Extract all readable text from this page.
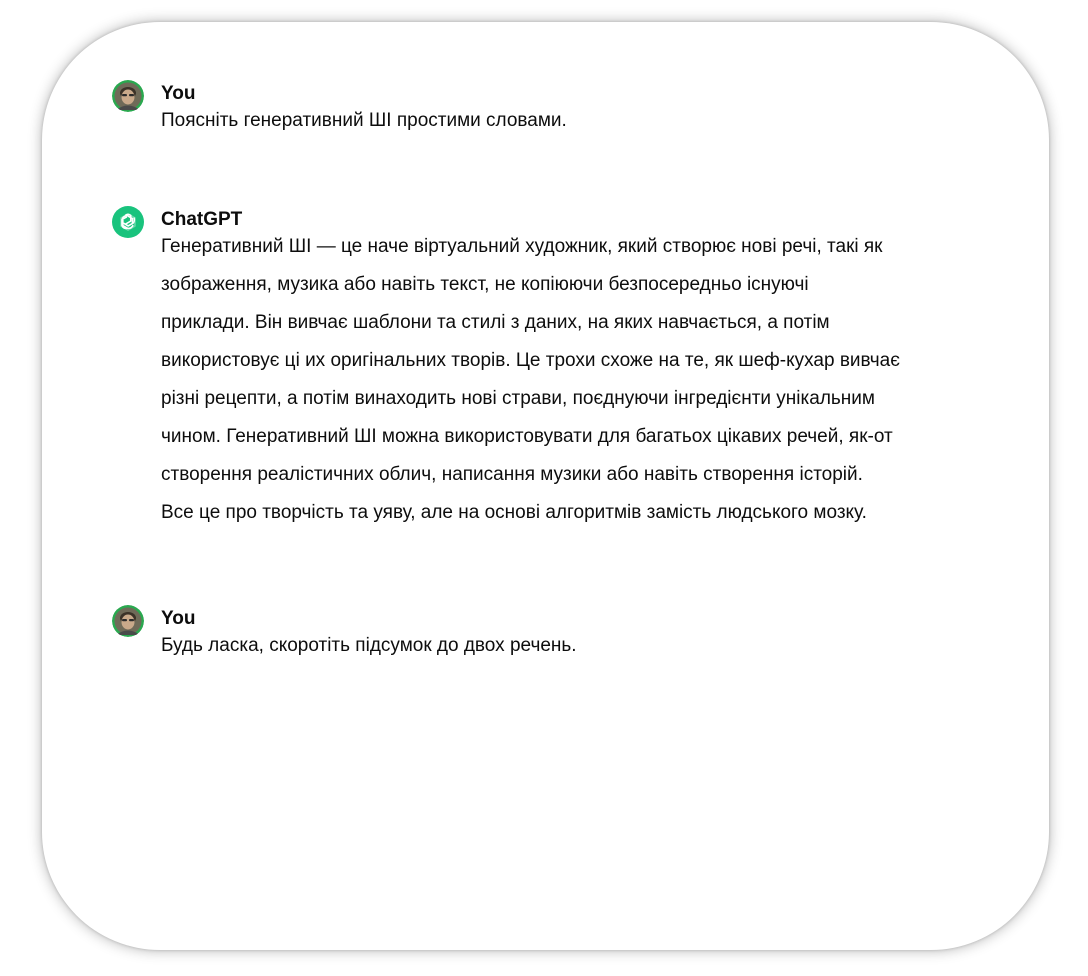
You
Поясніть генеративний ШІ простими словами.
ChatGPT
Генеративний ШІ — це наче віртуальний художник, який створює нові речі, такі як
зображення, музика або навіть текст, не копіюючи безпосередньо існуючі
приклади. Він вивчає шаблони та стилі з даних, на яких навчається, а потім
використовує ці их оригінальних творів. Це трохи схоже на те, як шеф-кухар вивчає
різні рецепти, а потім винаходить нові страви, поєднуючи інгредієнти унікальним
чином. Генеративний ШІ можна використовувати для багатьох цікавих речей, як-от
створення реалістичних облич, написання музики або навіть створення історій.
Все це про творчість та уяву, але на основі алгоритмів замість людського мозку.
You
Будь ласка, скоротіть підсумок до двох речень.
